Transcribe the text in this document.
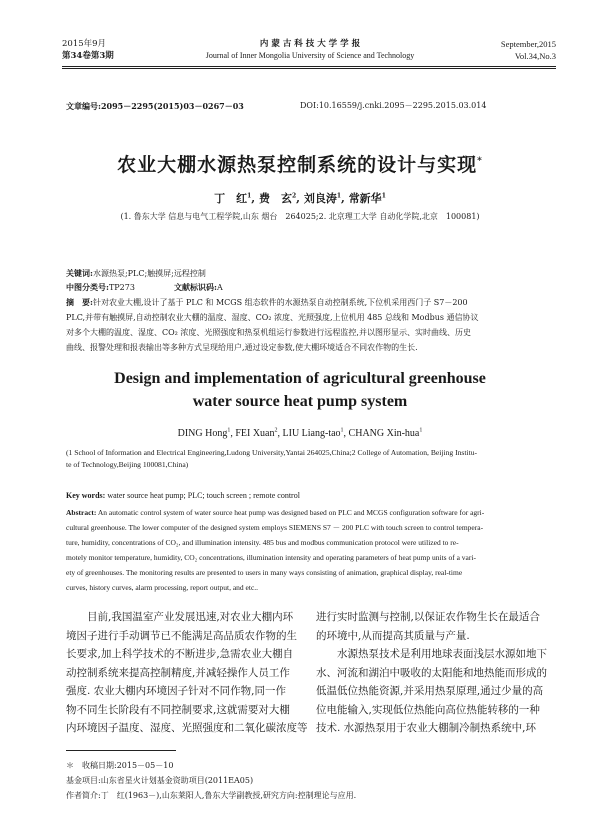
2015年9月
第34卷第3期
内 蒙 古 科 技 大 学 学 报
Journal of Inner Mongolia University of Science and Technology
September,2015
Vol.34,No.3
文章编号:2095－2295(2015)03－0267－03	DOI:10.16559/j.cnki.2095－2295.2015.03.014
农业大棚水源热泵控制系统的设计与实现*
丁　红$^1$, 费　玄$^2$, 刘良涛$^1$, 常新华$^1$
(1. 鲁东大学 信息与电气工程学院,山东 烟台　264025;2. 北京理工大学 自动化学院,北京　100081)
关键词:水源热泵;PLC;触摸屏;远程控制
中图分类号:TP273	文献标识码:A
摘　要:针对农业大棚,设计了基于 PLC 和 MCGS 组态软件的水源热泵自动控制系统,下位机采用西门子 S7－200
PLC,并带有触摸屏,自动控制农业大棚的温度、湿度、CO₂ 浓度、光照强度,上位机用 485 总线和 Modbus 通信协议
对多个大棚的温度、湿度、CO₂ 浓度、光照强度和热泵机组运行参数进行远程监控,并以图形显示、实时曲线、历史
曲线、报警处理和报表输出等多种方式呈现给用户,通过设定参数,使大棚环境适合不同农作物的生长.
Design and implementation of agricultural greenhouse
water source heat pump system
DING Hong$^1$, FEI Xuan$^2$, LIU Liang-tao$^1$, CHANG Xin-hua$^1$
(1 School of Information and Electrical Engineering,Ludong University,Yantai 264025,China;2 College of Automation, Beijing Institu-
te of Technology,Beijing 100081,China)
Key words: water source heat pump; PLC; touch screen ; remote control
Abstract: An automatic control system of water source heat pump was designed based on PLC and MCGS configuration software for agri-
cultural greenhouse. The lower computer of the designed system employs SIEMENS S7 － 200 PLC with touch screen to control tempera-
ture, humidity, concentrations of CO₂, and illumination intensity. 485 bus and modbus communication protocol were utilized to re-
motely monitor temperature, humidity, CO₂ concentrations, illumination intensity and operating parameters of heat pump units of a vari-
ety of greenhouses. The monitoring results are presented to users in many ways consisting of animation, graphical display, real-time
curves, history curves, alarm processing, report output, and etc..
目前,我国温室产业发展迅速,对农业大棚内环
境因子进行手动调节已不能满足高品质农作物的生
长要求,加上科学技术的不断进步,急需农业大棚自
动控制系统来提高控制精度,并减轻操作人员工作
强度. 农业大棚内环境因子针对不同作物,同一作
物不同生长阶段有不同控制要求,这就需要对大棚
内环境因子温度、湿度、光照强度和二氧化碳浓度等
进行实时监测与控制,以保证农作物生长在最适合
的环境中,从而提高其质量与产量.
水源热泵技术是利用地球表面浅层水源如地下
水、河流和湖泊中吸收的太阳能和地热能而形成的
低温低位热能资源,并采用热泵原理,通过少量的高
位电能输入,实现低位热能向高位热能转移的一种
技术. 水源热泵用于农业大棚制冷制热系统中,环
＊　收稿日期:2015－05－10
基金项目:山东省星火计划基金资助项目(2011EA05)
作者简介:丁　红(1963－),山东莱阳人,鲁东大学副教授,研究方向:控制理论与应用.
